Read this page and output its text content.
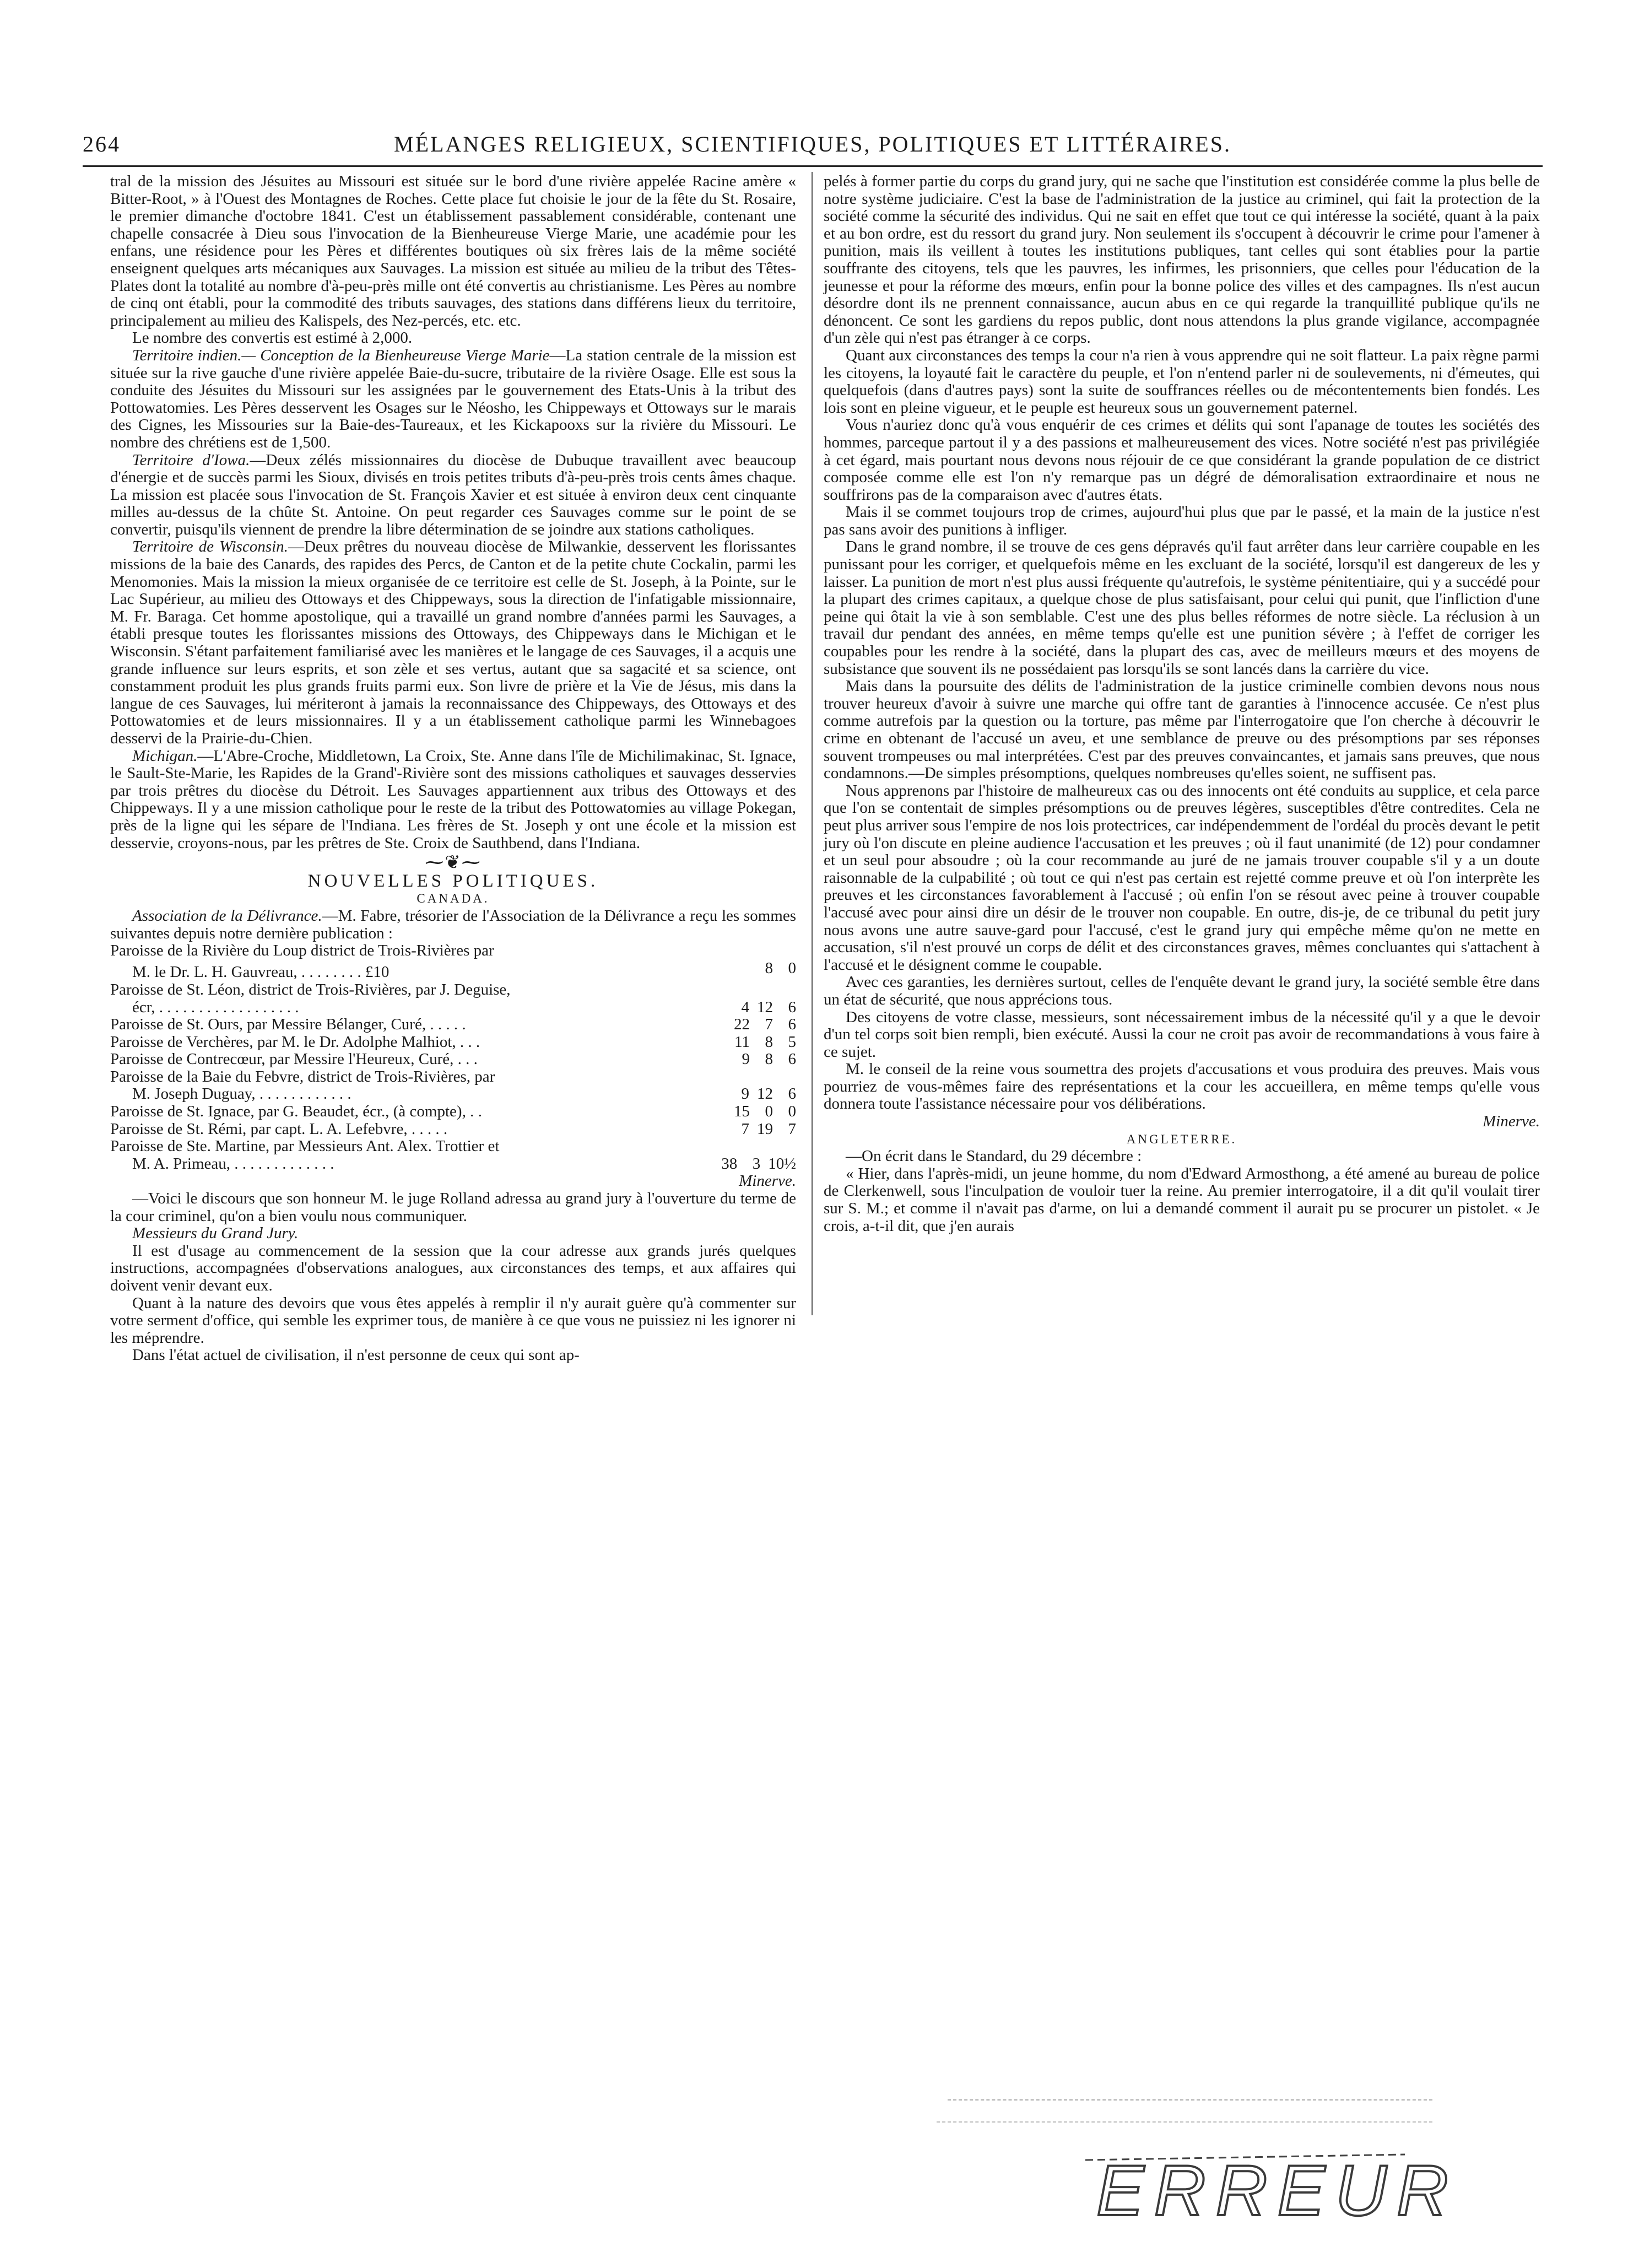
264	MÉLANGES RELIGIEUX, SCIENTIFIQUES, POLITIQUES ET LITTÉRAIRES.

tral de la mission des Jésuites au Missouri est située sur le bord d'une rivière appelée Racine amère « Bitter-Root, » à l'Ouest des Montagnes de Roches. Cette place fut choisie le jour de la fête du St. Rosaire, le premier dimanche d'octobre 1841. C'est un établissement passablement considérable, contenant une chapelle consacrée à Dieu sous l'invocation de la Bienheureuse Vierge Marie, une académie pour les enfans, une résidence pour les Pères et différentes boutiques où six frères lais de la même société enseignent quelques arts mécaniques aux Sauvages. La mission est située au milieu de la tribut des Têtes-Plates dont la totalité au nombre d'à-peu-près mille ont été convertis au christianisme. Les Pères au nombre de cinq ont établi, pour la commodité des tributs sauvages, des stations dans différens lieux du territoire, principalement au milieu des Kalispels, des Nez-percés, etc. etc.

Le nombre des convertis est estimé à 2,000.

Territoire indien.— Conception de la Bienheureuse Vierge Marie—La station centrale de la mission est située sur la rive gauche d'une rivière appelée Baie-du-sucre, tributaire de la rivière Osage. Elle est sous la conduite des Jésuites du Missouri sur les assignées par le gouvernement des Etats-Unis à la tribut des Pottowatomies. Les Pères desservent les Osages sur le Néosho, les Chippeways et Ottoways sur le marais des Cignes, les Missouries sur la Baie-des-Taureaux, et les Kickapooxs sur la rivière du Missouri. Le nombre des chrétiens est de 1,500.

Territoire d'Iowa.—Deux zélés missionnaires du diocèse de Dubuque travaillent avec beaucoup d'énergie et de succès parmi les Sioux, divisés en trois petites tributs d'à-peu-près trois cents âmes chaque. La mission est placée sous l'invocation de St. François Xavier et est située à environ deux cent cinquante milles au-dessus de la chûte St. Antoine. On peut regarder ces Sauvages comme sur le point de se convertir, puisqu'ils viennent de prendre la libre détermination de se joindre aux stations catholiques.

Territoire de Wisconsin.—Deux prêtres du nouveau diocèse de Milwankie, desservent les florissantes missions de la baie des Canards, des rapides des Percs, de Canton et de la petite chute Cockalin, parmi les Menomonies. Mais la mission la mieux organisée de ce territoire est celle de St. Joseph, à la Pointe, sur le Lac Supérieur, au milieu des Ottoways et des Chippeways, sous la direction de l'infatigable missionnaire, M. Fr. Baraga. Cet homme apostolique, qui a travaillé un grand nombre d'années parmi les Sauvages, a établi presque toutes les florissantes missions des Ottoways, des Chippeways dans le Michigan et le Wisconsin. S'étant parfaitement familiarisé avec les manières et le langage de ces Sauvages, il a acquis une grande influence sur leurs esprits, et son zèle et ses vertus, autant que sa sagacité et sa science, ont constamment produit les plus grands fruits parmi eux. Son livre de prière et la Vie de Jésus, mis dans la langue de ces Sauvages, lui mériteront à jamais la reconnaissance des Chippeways, des Ottoways et des Pottowatomies et de leurs missionnaires. Il y a un établissement catholique parmi les Winnebagoes desservi de la Prairie-du-Chien.

Michigan.—L'Abre-Croche, Middletown, La Croix, Ste. Anne dans l'île de Michilimakinac, St. Ignace, le Sault-Ste-Marie, les Rapides de la Grand'-Rivière sont des missions catholiques et sauvages desservies par trois prêtres du diocèse du Détroit. Les Sauvages appartiennent aux tribus des Ottoways et des Chippeways. Il y a une mission catholique pour le reste de la tribut des Pottowatomies au village Pokegan, près de la ligne qui les sépare de l'Indiana. Les frères de St. Joseph y ont une école et la mission est desservie, croyons-nous, par les prêtres de Ste. Croix de Sauthbend, dans l'Indiana.

⁓❦⁓

NOUVELLES POLITIQUES.

CANADA.

Association de la Délivrance.—M. Fabre, trésorier de l'Association de la Délivrance a reçu les sommes suivantes depuis notre dernière publication :

Paroisse de la Rivière du Loup district de Trois-Rivières par
M. le Dr. L. H. Gauvreau, . . . . . . . . £10	8 0
Paroisse de St. Léon, district de Trois-Rivières, par J. Deguise,
écr, . . . . . . . . . . . . . . . . . .	4 12 6
Paroisse de St. Ours, par Messire Bélanger, Curé, . . . . .	22 7 6
Paroisse de Verchères, par M. le Dr. Adolphe Malhiot, . . .	11 8 5
Paroisse de Contrecœur, par Messire l'Heureux, Curé, . . .	9 8 6
Paroisse de la Baie du Febvre, district de Trois-Rivières, par
M. Joseph Duguay, . . . . . . . . . . . .	9 12 6
Paroisse de St. Ignace, par G. Beaudet, écr., (à compte), . .	15 0 0
Paroisse de St. Rémi, par capt. L. A. Lefebvre, . . . . .	7 19 7
Paroisse de Ste. Martine, par Messieurs Ant. Alex. Trottier et
M. A. Primeau, . . . . . . . . . . . . .	38 3 10½

Minerve.

—Voici le discours que son honneur M. le juge Rolland adressa au grand jury à l'ouverture du terme de la cour criminel, qu'on a bien voulu nous communiquer.

Messieurs du Grand Jury.

Il est d'usage au commencement de la session que la cour adresse aux grands jurés quelques instructions, accompagnées d'observations analogues, aux circonstances des temps, et aux affaires qui doivent venir devant eux.

Quant à la nature des devoirs que vous êtes appelés à remplir il n'y aurait guère qu'à commenter sur votre serment d'office, qui semble les exprimer tous, de manière à ce que vous ne puissiez ni les ignorer ni les méprendre.

Dans l'état actuel de civilisation, il n'est personne de ceux qui sont ap-

pelés à former partie du corps du grand jury, qui ne sache que l'institution est considérée comme la plus belle de notre système judiciaire. C'est la base de l'administration de la justice au criminel, qui fait la protection de la société comme la sécurité des individus. Qui ne sait en effet que tout ce qui intéresse la société, quant à la paix et au bon ordre, est du ressort du grand jury. Non seulement ils s'occupent à découvrir le crime pour l'amener à punition, mais ils veillent à toutes les institutions publiques, tant celles qui sont établies pour la partie souffrante des citoyens, tels que les pauvres, les infirmes, les prisonniers, que celles pour l'éducation de la jeunesse et pour la réforme des mœurs, enfin pour la bonne police des villes et des campagnes. Ils n'est aucun désordre dont ils ne prennent connaissance, aucun abus en ce qui regarde la tranquillité publique qu'ils ne dénoncent. Ce sont les gardiens du repos public, dont nous attendons la plus grande vigilance, accompagnée d'un zèle qui n'est pas étranger à ce corps.

Quant aux circonstances des temps la cour n'a rien à vous apprendre qui ne soit flatteur. La paix règne parmi les citoyens, la loyauté fait le caractère du peuple, et l'on n'entend parler ni de soulevements, ni d'émeutes, qui quelquefois (dans d'autres pays) sont la suite de souffrances réelles ou de mécontentements bien fondés. Les lois sont en pleine vigueur, et le peuple est heureux sous un gouvernement paternel.

Vous n'auriez donc qu'à vous enquérir de ces crimes et délits qui sont l'apanage de toutes les sociétés des hommes, parceque partout il y a des passions et malheureusement des vices. Notre société n'est pas privilégiée à cet égard, mais pourtant nous devons nous réjouir de ce que considérant la grande population de ce district composée comme elle est l'on n'y remarque pas un dégré de démoralisation extraordinaire et nous ne souffrirons pas de la comparaison avec d'autres états.

Mais il se commet toujours trop de crimes, aujourd'hui plus que par le passé, et la main de la justice n'est pas sans avoir des punitions à infliger.

Dans le grand nombre, il se trouve de ces gens dépravés qu'il faut arrêter dans leur carrière coupable en les punissant pour les corriger, et quelquefois même en les excluant de la société, lorsqu'il est dangereux de les y laisser. La punition de mort n'est plus aussi fréquente qu'autrefois, le système pénitentiaire, qui y a succédé pour la plupart des crimes capitaux, a quelque chose de plus satisfaisant, pour celui qui punit, que l'infliction d'une peine qui ôtait la vie à son semblable. C'est une des plus belles réformes de notre siècle. La réclusion à un travail dur pendant des années, en même temps qu'elle est une punition sévère ; à l'effet de corriger les coupables pour les rendre à la société, dans la plupart des cas, avec de meilleurs mœurs et des moyens de subsistance que souvent ils ne possédaient pas lorsqu'ils se sont lancés dans la carrière du vice.

Mais dans la poursuite des délits de l'administration de la justice criminelle combien devons nous nous trouver heureux d'avoir à suivre une marche qui offre tant de garanties à l'innocence accusée. Ce n'est plus comme autrefois par la question ou la torture, pas même par l'interrogatoire que l'on cherche à découvrir le crime en obtenant de l'accusé un aveu, et une semblance de preuve ou des présomptions par ses réponses souvent trompeuses ou mal interprétées. C'est par des preuves convaincantes, et jamais sans preuves, que nous condamnons.—De simples présomptions, quelques nombreuses qu'elles soient, ne suffisent pas.

Nous apprenons par l'histoire de malheureux cas ou des innocents ont été conduits au supplice, et cela parce que l'on se contentait de simples présomptions ou de preuves légères, susceptibles d'être contredites. Cela ne peut plus arriver sous l'empire de nos lois protectrices, car indépendemment de l'ordéal du procès devant le petit jury où l'on discute en pleine audience l'accusation et les preuves ; où il faut unanimité (de 12) pour condamner et un seul pour absoudre ; où la cour recommande au juré de ne jamais trouver coupable s'il y a un doute raisonnable de la culpabilité ; où tout ce qui n'est pas certain est rejetté comme preuve et où l'on interprète les preuves et les circonstances favorablement à l'accusé ; où enfin l'on se résout avec peine à trouver coupable l'accusé avec pour ainsi dire un désir de le trouver non coupable. En outre, dis-je, de ce tribunal du petit jury nous avons une autre sauve-gard pour l'accusé, c'est le grand jury qui empêche même qu'on ne mette en accusation, s'il n'est prouvé un corps de délit et des circonstances graves, mêmes concluantes qui s'attachent à l'accusé et le désignent comme le coupable.

Avec ces garanties, les dernières surtout, celles de l'enquête devant le grand jury, la société semble être dans un état de sécurité, que nous apprécions tous.

Des citoyens de votre classe, messieurs, sont nécessairement imbus de la nécessité qu'il y a que le devoir d'un tel corps soit bien rempli, bien exécuté. Aussi la cour ne croit pas avoir de recommandations à vous faire à ce sujet.

M. le conseil de la reine vous soumettra des projets d'accusations et vous produira des preuves. Mais vous pourriez de vous-mêmes faire des représentations et la cour les accueillera, en même temps qu'elle vous donnera toute l'assistance nécessaire pour vos délibérations.

Minerve.

ANGLETERRE.

—On écrit dans le Standard, du 29 décembre :

« Hier, dans l'après-midi, un jeune homme, du nom d'Edward Armosthong, a été amené au bureau de police de Clerkenwell, sous l'inculpation de vouloir tuer la reine. Au premier interrogatoire, il a dit qu'il voulait tirer sur S. M.; et comme il n'avait pas d'arme, on lui a demandé comment il aurait pu se procurer un pistolet. « Je crois, a-t-il dit, que j'en aurais

ERREUR
